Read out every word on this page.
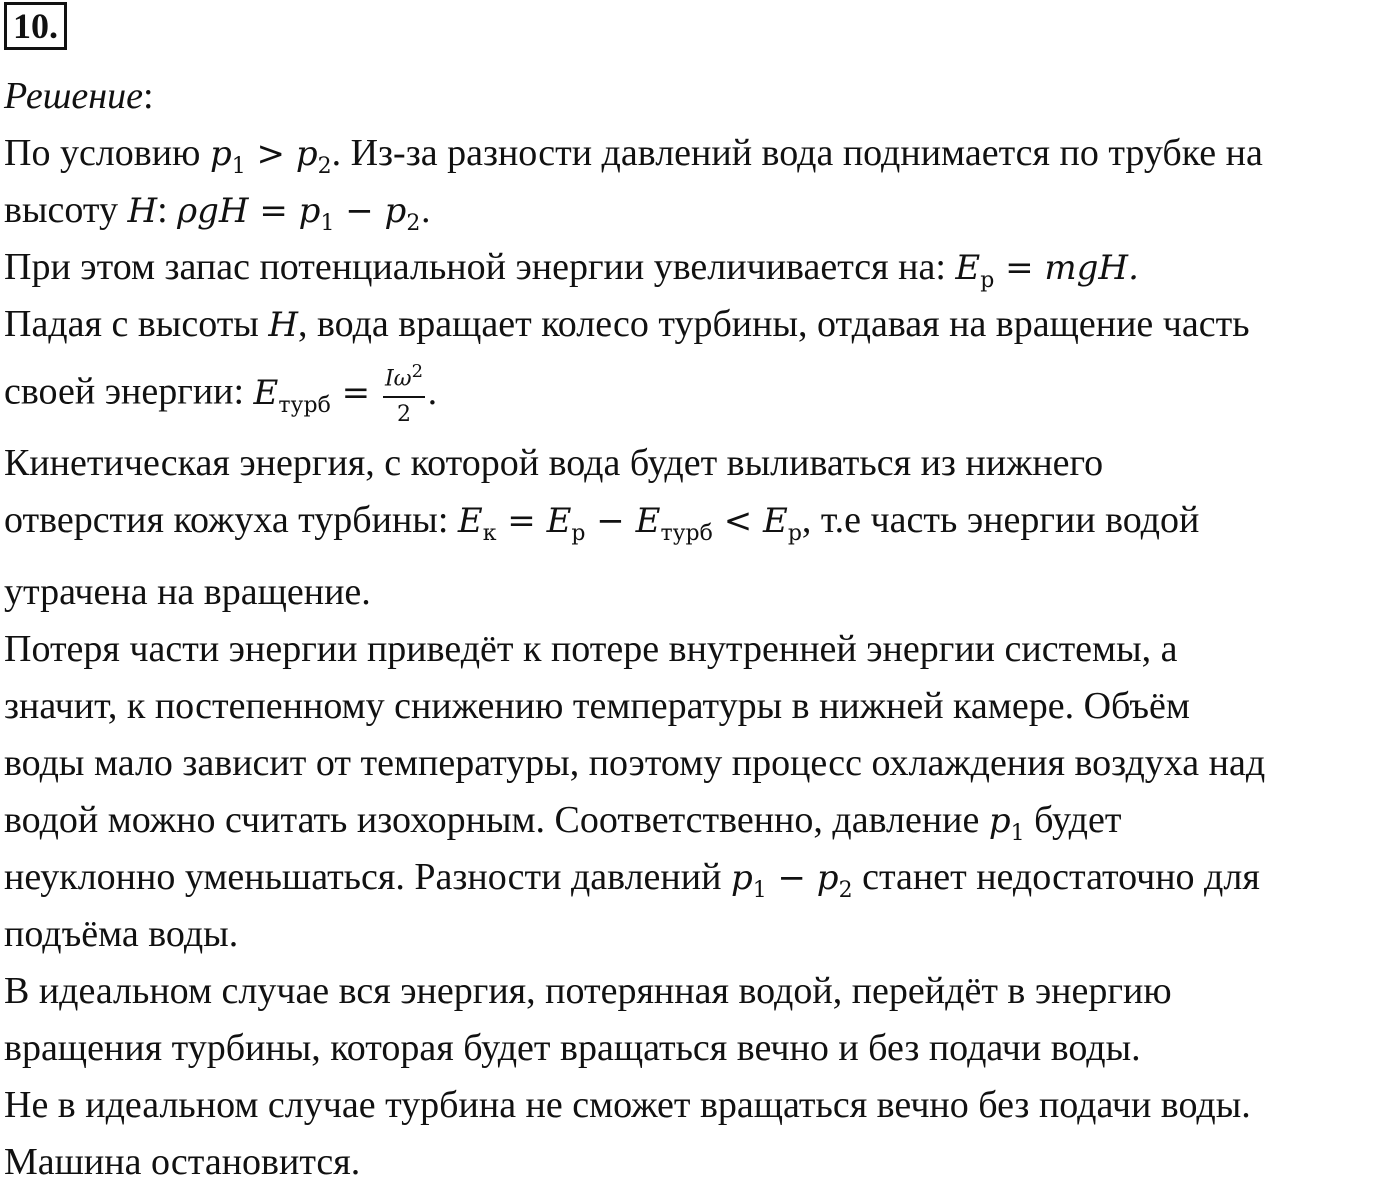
10.
Решение:
По условию $p_1 > p_2$. Из-за разности давлений вода поднимается по трубке на
высоту H: $\rho gH = p_1 - p_2$.
При этом запас потенциальной энергии увеличивается на: $E_p$ = mgH.
Падая с высоты H, вода вращает колесо турбины, отдавая на вращение часть
своей энергии: $E_{турб} = \frac{I\omega^2}{2}$ .
Кинетическая энергия, с которой вода будет выливаться из нижнего
отверстия кожуха турбины: $E_к = E_p - E_{турб} < E_p$, т.е часть энергии водой
утрачена на вращение.
Потеря части энергии приведёт к потере внутренней энергии системы, а
значит, к постепенному снижению температуры в нижней камере. Объём
воды мало зависит от температуры, поэтому процесс охлаждения воздуха над
водой можно считать изохорным. Соответственно, давление $p_1$ будет
неуклонно уменьшаться. Разности давлений $p_1 - p_2$ станет недостаточно для
подъёма воды.
В идеальном случае вся энергия, потерянная водой, перейдёт в энергию
вращения турбины, которая будет вращаться вечно и без подачи воды.
Не в идеальном случае турбина не сможет вращаться вечно без подачи воды.
Машина остановится.
